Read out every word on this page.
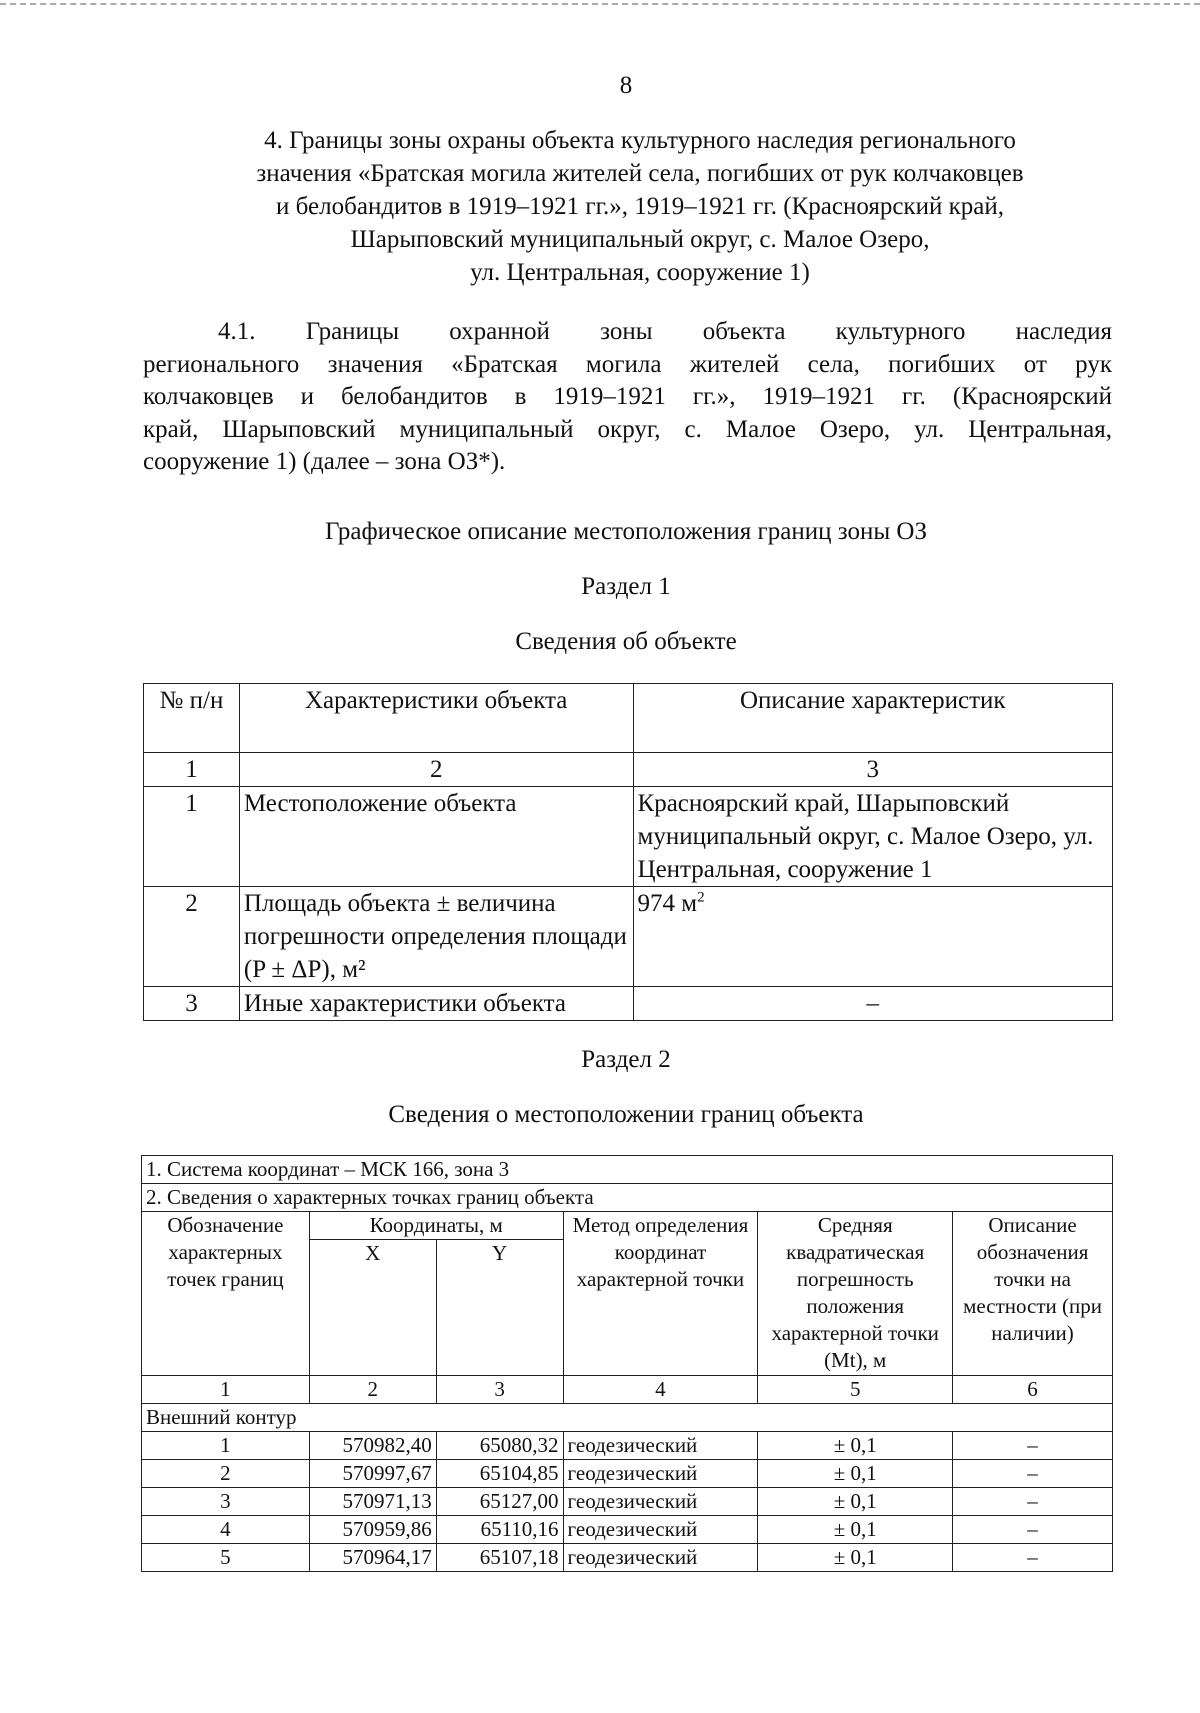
8
4. Границы зоны охраны объекта культурного наследия регионального
значения «Братская могила жителей села, погибших от рук колчаковцев
и белобандитов в 1919–1921 гг.», 1919–1921 гг. (Красноярский край,
Шарыповский муниципальный округ, с. Малое Озеро,
ул. Центральная, сооружение 1)
4.1. Границы охранной зоны объекта культурного наследия
регионального значения «Братская могила жителей села, погибших от рук
колчаковцев и белобандитов в 1919–1921 гг.», 1919–1921 гг. (Красноярский
край, Шарыповский муниципальный округ, с. Малое Озеро, ул. Центральная,
сооружение 1) (далее – зона ОЗ*).
Графическое описание местоположения границ зоны ОЗ
Раздел 1
Сведения об объекте
№ п/н	Характеристики объекта	Описание характеристик
1	2	3
1	Местоположение объекта	Красноярский край, Шарыповский муниципальный округ, с. Малое Озеро, ул. Центральная, сооружение 1
2	Площадь объекта ± величина погрешности определения площади (P ± ΔP), м²	974 $м^2$
3	Иные характеристики объекта	–
Раздел 2
Сведения о местоположении границ объекта
1. Система координат – МСК 166, зона 3					
2. Сведения о характерных точках границ объекта					
Обозначение характерных точек границ	Координаты, м		Метод определения координат характерной точки	Средняя квадратическая погрешность положения характерной точки (Mt), м	Описание обозначения точки на местности (при наличии)
	X	Y			
1	2	3	4	5	6
Внешний контур					
1	570982,40	65080,32	геодезический	± 0,1	–
2	570997,67	65104,85	геодезический	± 0,1	–
3	570971,13	65127,00	геодезический	± 0,1	–
4	570959,86	65110,16	геодезический	± 0,1	–
5	570964,17	65107,18	геодезический	± 0,1	–
